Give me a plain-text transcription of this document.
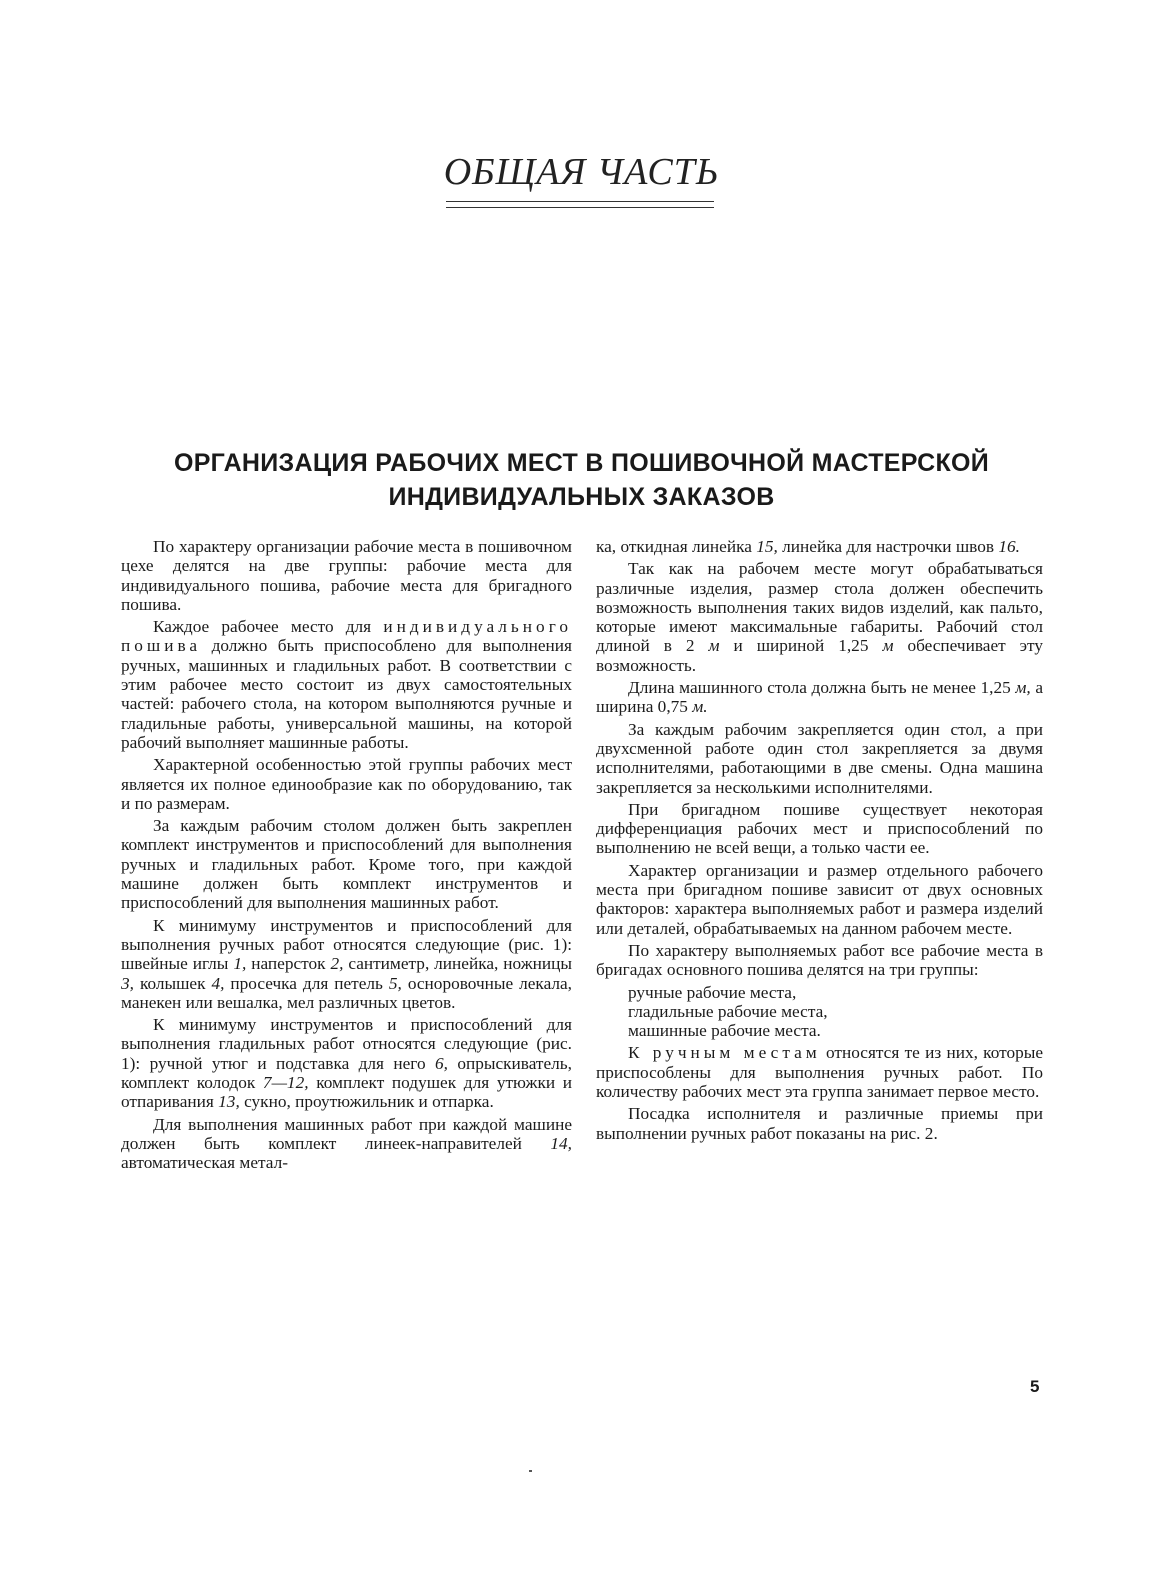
ОБЩАЯ ЧАСТЬ
ОРГАНИЗАЦИЯ РАБОЧИХ МЕСТ В ПОШИВОЧНОЙ МАСТЕРСКОЙ
ИНДИВИДУАЛЬНЫХ ЗАКАЗОВ

По характеру организации рабочие места в пошивочном цехе делятся на две группы: рабочие места для индивидуального пошива, рабочие места для бригадного пошива.

Каждое рабочее место для индивидуального пошива должно быть приспособлено для выполнения ручных, машинных и гладильных работ. В соответствии с этим рабочее место состоит из двух самостоятельных частей: рабочего стола, на котором выполняются ручные и гладильные работы, универсальной машины, на которой рабочий выполняет машинные работы.

Характерной особенностью этой группы рабочих мест является их полное единообразие как по оборудованию, так и по размерам.

За каждым рабочим столом должен быть закреплен комплект инструментов и приспособлений для выполнения ручных и гладильных работ. Кроме того, при каждой машине должен быть комплект инструментов и приспособлений для выполнения машинных работ.

К минимуму инструментов и приспособлений для выполнения ручных работ относятся следующие (рис. 1): швейные иглы 1, наперсток 2, сантиметр, линейка, ножницы 3, колышек 4, просечка для петель 5, осноровочные лекала, манекен или вешалка, мел различных цветов.

К минимуму инструментов и приспособлений для выполнения гладильных работ относятся следующие (рис. 1): ручной утюг и подставка для него 6, опрыскиватель, комплект колодок 7—12, комплект подушек для утюжки и отпаривания 13, сукно, проутюжильник и отпарка.

Для выполнения машинных работ при каждой машине должен быть комплект линеек-направителей 14, автоматическая метал-

ка, откидная линейка 15, линейка для настрочки швов 16.

Так как на рабочем месте могут обрабатываться различные изделия, размер стола должен обеспечить возможность выполнения таких видов изделий, как пальто, которые имеют максимальные габариты. Рабочий стол длиной в 2 м и шириной 1,25 м обеспечивает эту возможность.

Длина машинного стола должна быть не менее 1,25 м, а ширина 0,75 м.

За каждым рабочим закрепляется один стол, а при двухсменной работе один стол закрепляется за двумя исполнителями, работающими в две смены. Одна машина закрепляется за несколькими исполнителями.

При бригадном пошиве существует некоторая дифференциация рабочих мест и приспособлений по выполнению не всей вещи, а только части ее.

Характер организации и размер отдельного рабочего места при бригадном пошиве зависит от двух основных факторов: характера выполняемых работ и размера изделий или деталей, обрабатываемых на данном рабочем месте.

По характеру выполняемых работ все рабочие места в бригадах основного пошива делятся на три группы:

ручные рабочие места,

гладильные рабочие места,

машинные рабочие места.

К ручным местам относятся те из них, которые приспособлены для выполнения ручных работ. По количеству рабочих мест эта группа занимает первое место.

Посадка исполнителя и различные приемы при выполнении ручных работ показаны на рис. 2.

5
